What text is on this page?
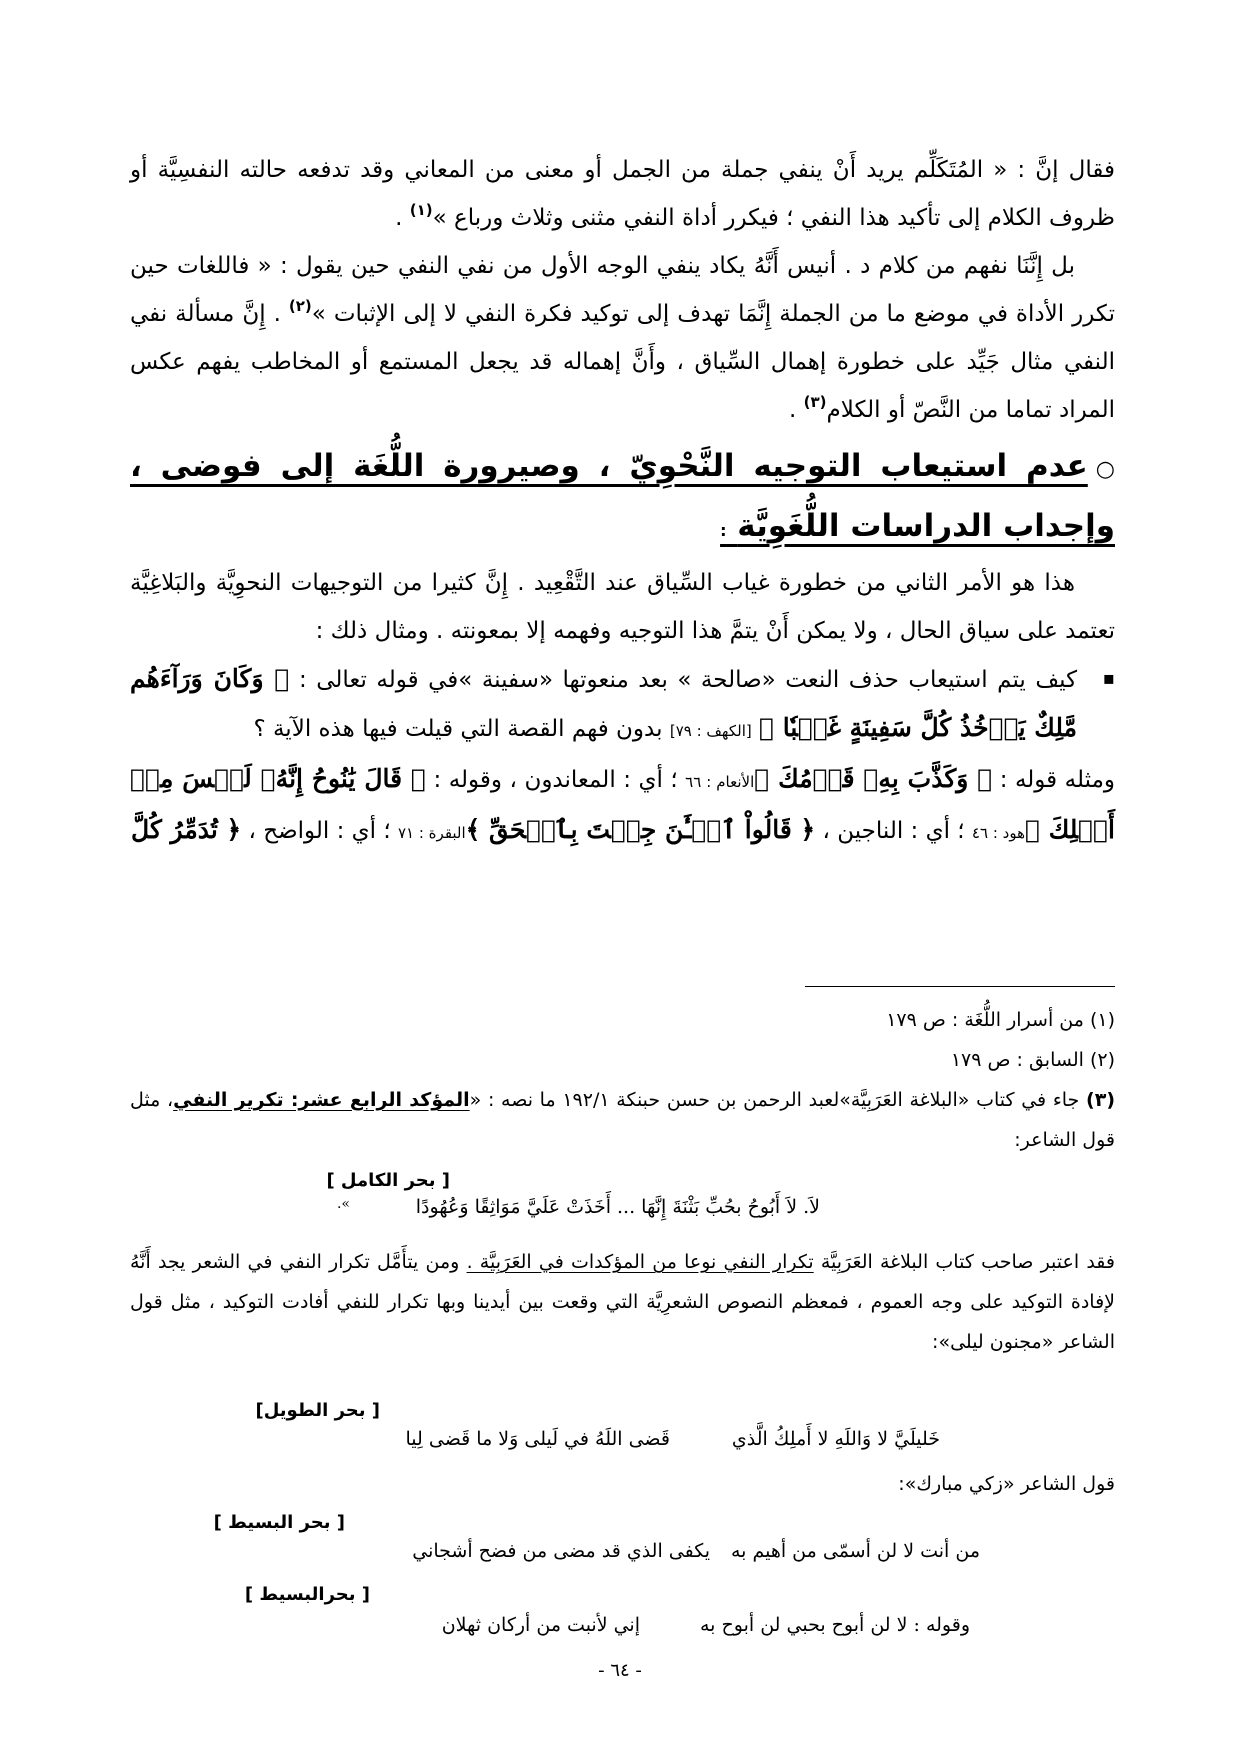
فقال إنَّ : « المُتَكَلِّم يريد أَنْ ينفي جملة من الجمل أو معنى من المعاني وقد تدفعه حالته النفسِيَّة أو ظروف الكلام إلى تأكيد هذا النفي ؛ فيكرر أداة النفي مثنى وثلاث ورباع »$^{(١)}$ .

بل إِنَّنَا نفهم من كلام د . أنيس أَنَّهُ يكاد ينفي الوجه الأول من نفي النفي حين يقول : « فاللغات حين تكرر الأداة في موضع ما من الجملة إِنَّمَا تهدف إلى توكيد فكرة النفي لا إلى الإثبات »$^{(٢)}$ . إِنَّ مسألة نفي النفي مثال جَيِّد على خطورة إهمال السِّياق ، وأَنَّ إهماله قد يجعل المستمع أو المخاطب يفهم عكس المراد تماما من النَّصّ أو الكلام$^{(٣)}$ .

○عدم استيعاب التوجيه النَّحْوِيّ ، وصيرورة اللُّغَة إلى فوضى ، وإجداب الدراسات اللُّغَوِيَّة :

هذا هو الأمر الثاني من خطورة غياب السِّياق عند التَّقْعِيد . إِنَّ كثيرا من التوجيهات النحوِيَّة والبَلاغِيَّة تعتمد على سياق الحال ، ولا يمكن أَنْ يتمَّ هذا التوجيه وفهمه إلا بمعونته . ومثال ذلك :

▪
كيف يتم استيعاب حذف النعت «صالحة » بعد منعوتها «سفينة »في قوله تعالى : ﴿ وَكَانَ وَرَآءَهُم مَّلِكٌ يَأۡخُذُ كُلَّ سَفِينَةٍ غَصۡبٗا ﴾ [الكهف : ٧٩] بدون فهم القصة التي قيلت فيها هذه الآية ؟

ومثله قوله : ﴿ وَكَذَّبَ بِهِۦ قَوۡمُكَ ﴾الأنعام : ٦٦ ؛ أي : المعاندون ، وقوله : ﴿ قَالَ يَٰنُوحُ إِنَّهُۥ لَيۡسَ مِنۡ أَهۡلِكَ ﴾هود : ٤٦ ؛ أي : الناجين ، ﴿ قَالُواْ ٱلۡـَٰٔنَ جِئۡتَ بِٱلۡحَقِّ ﴾البقرة : ٧١ ؛ أي : الواضح ، ﴿ تُدَمِّرُ كُلَّ

(١) من أسرار اللُّغَة : ص ١٧٩

(٢) السابق : ص ١٧٩

(٣) جاء في كتاب «البلاغة العَرَبِيَّة»لعبد الرحمن بن حسن حبنكة ١٩٢/١ ما نصه : «المؤكد الرابع عشر: تكرير النفي، مثل قول الشاعر:

[ بحر الكامل ]
لاَ. لاَ أَبُوحُ بحُبِّ بَثْنَةَ إِنَّهَا ... أَخَذَتْ عَلَيَّ مَوَاثِقًا وَعُهُودًا
».

فقد اعتبر صاحب كتاب البلاغة العَرَبِيَّة تكرار النفي نوعا من المؤكدات في العَرَبِيَّة . ومن يتأَمَّل تكرار النفي في الشعر يجد أَنَّهُ لإفادة التوكيد على وجه العموم ، فمعظم النصوص الشعرِيَّة التي وقعت بين أيدينا وبها تكرار للنفي أفادت التوكيد ، مثل قول الشاعر «مجنون ليلى»:

[ بحر الطويل]
خَليلَيَّ لا وَاللَهِ لا أَملِكُ الَّذي
قَضى اللَهُ في لَيلى وَلا ما قَضى لِيا
قول الشاعر «زكي مبارك»:
[ بحر البسيط ]
من أنت لا لن أسمّى من أهيم به
يكفى الذي قد مضى من فضح أشجاني
[ بحرالبسيط ]
وقوله : لا لن أبوح بحبي لن أبوح به
إني لأنبت من أركان ثهلان
- ٦٤ -
